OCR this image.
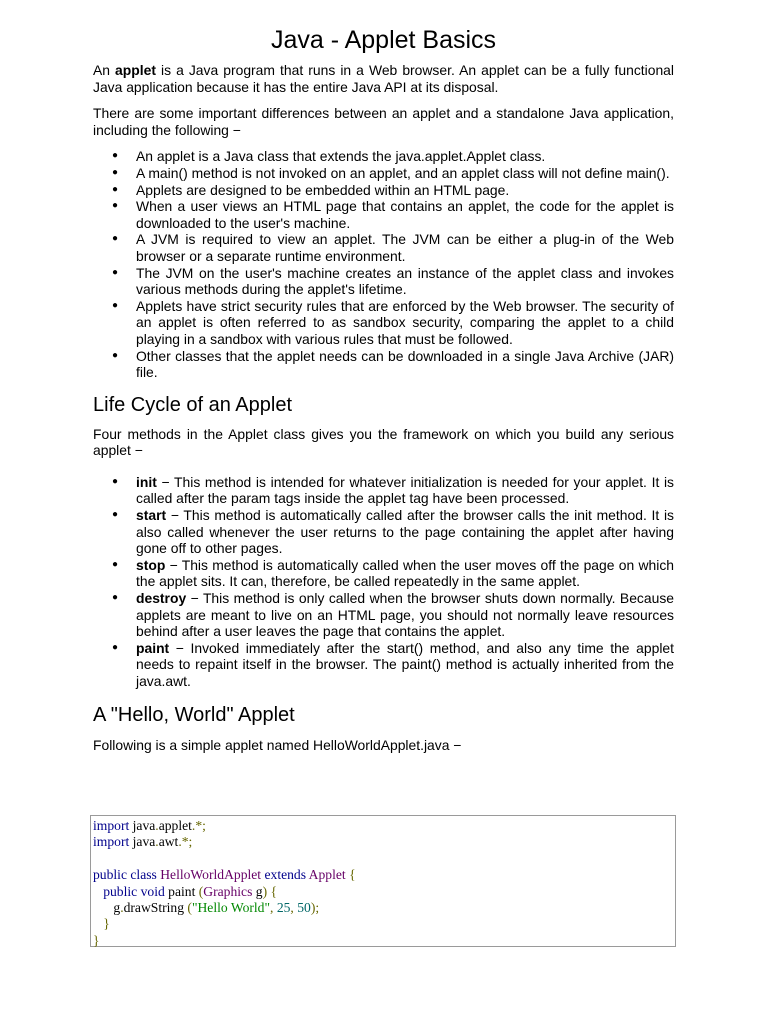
Java - Applet Basics

An applet is a Java program that runs in a Web browser. An applet can be a fully functional Java application because it has the entire Java API at its disposal.

There are some important differences between an applet and a standalone Java application, including the following −

● An applet is a Java class that extends the java.applet.Applet class.
● A main() method is not invoked on an applet, and an applet class will not define main().
● Applets are designed to be embedded within an HTML page.
● When a user views an HTML page that contains an applet, the code for the applet is downloaded to the user's machine.
● A JVM is required to view an applet. The JVM can be either a plug-in of the Web browser or a separate runtime environment.
● The JVM on the user's machine creates an instance of the applet class and invokes various methods during the applet's lifetime.
● Applets have strict security rules that are enforced by the Web browser. The security of an applet is often referred to as sandbox security, comparing the applet to a child playing in a sandbox with various rules that must be followed.
● Other classes that the applet needs can be downloaded in a single Java Archive (JAR) file.
Life Cycle of an Applet

Four methods in the Applet class gives you the framework on which you build any serious applet −

● init − This method is intended for whatever initialization is needed for your applet. It is called after the param tags inside the applet tag have been processed.
● start − This method is automatically called after the browser calls the init method. It is also called whenever the user returns to the page containing the applet after having gone off to other pages.
● stop − This method is automatically called when the user moves off the page on which the applet sits. It can, therefore, be called repeatedly in the same applet.
● destroy − This method is only called when the browser shuts down normally. Because applets are meant to live on an HTML page, you should not normally leave resources behind after a user leaves the page that contains the applet.
● paint − Invoked immediately after the start() method, and also any time the applet needs to repaint itself in the browser. The paint() method is actually inherited from the java.awt.
A "Hello, World" Applet

Following is a simple applet named HelloWorldApplet.java −

import java.applet.*;
import java.awt.*;

public class HelloWorldApplet extends Applet {
public void paint (Graphics g) {
g.drawString ("Hello World", 25, 50);
}
}
